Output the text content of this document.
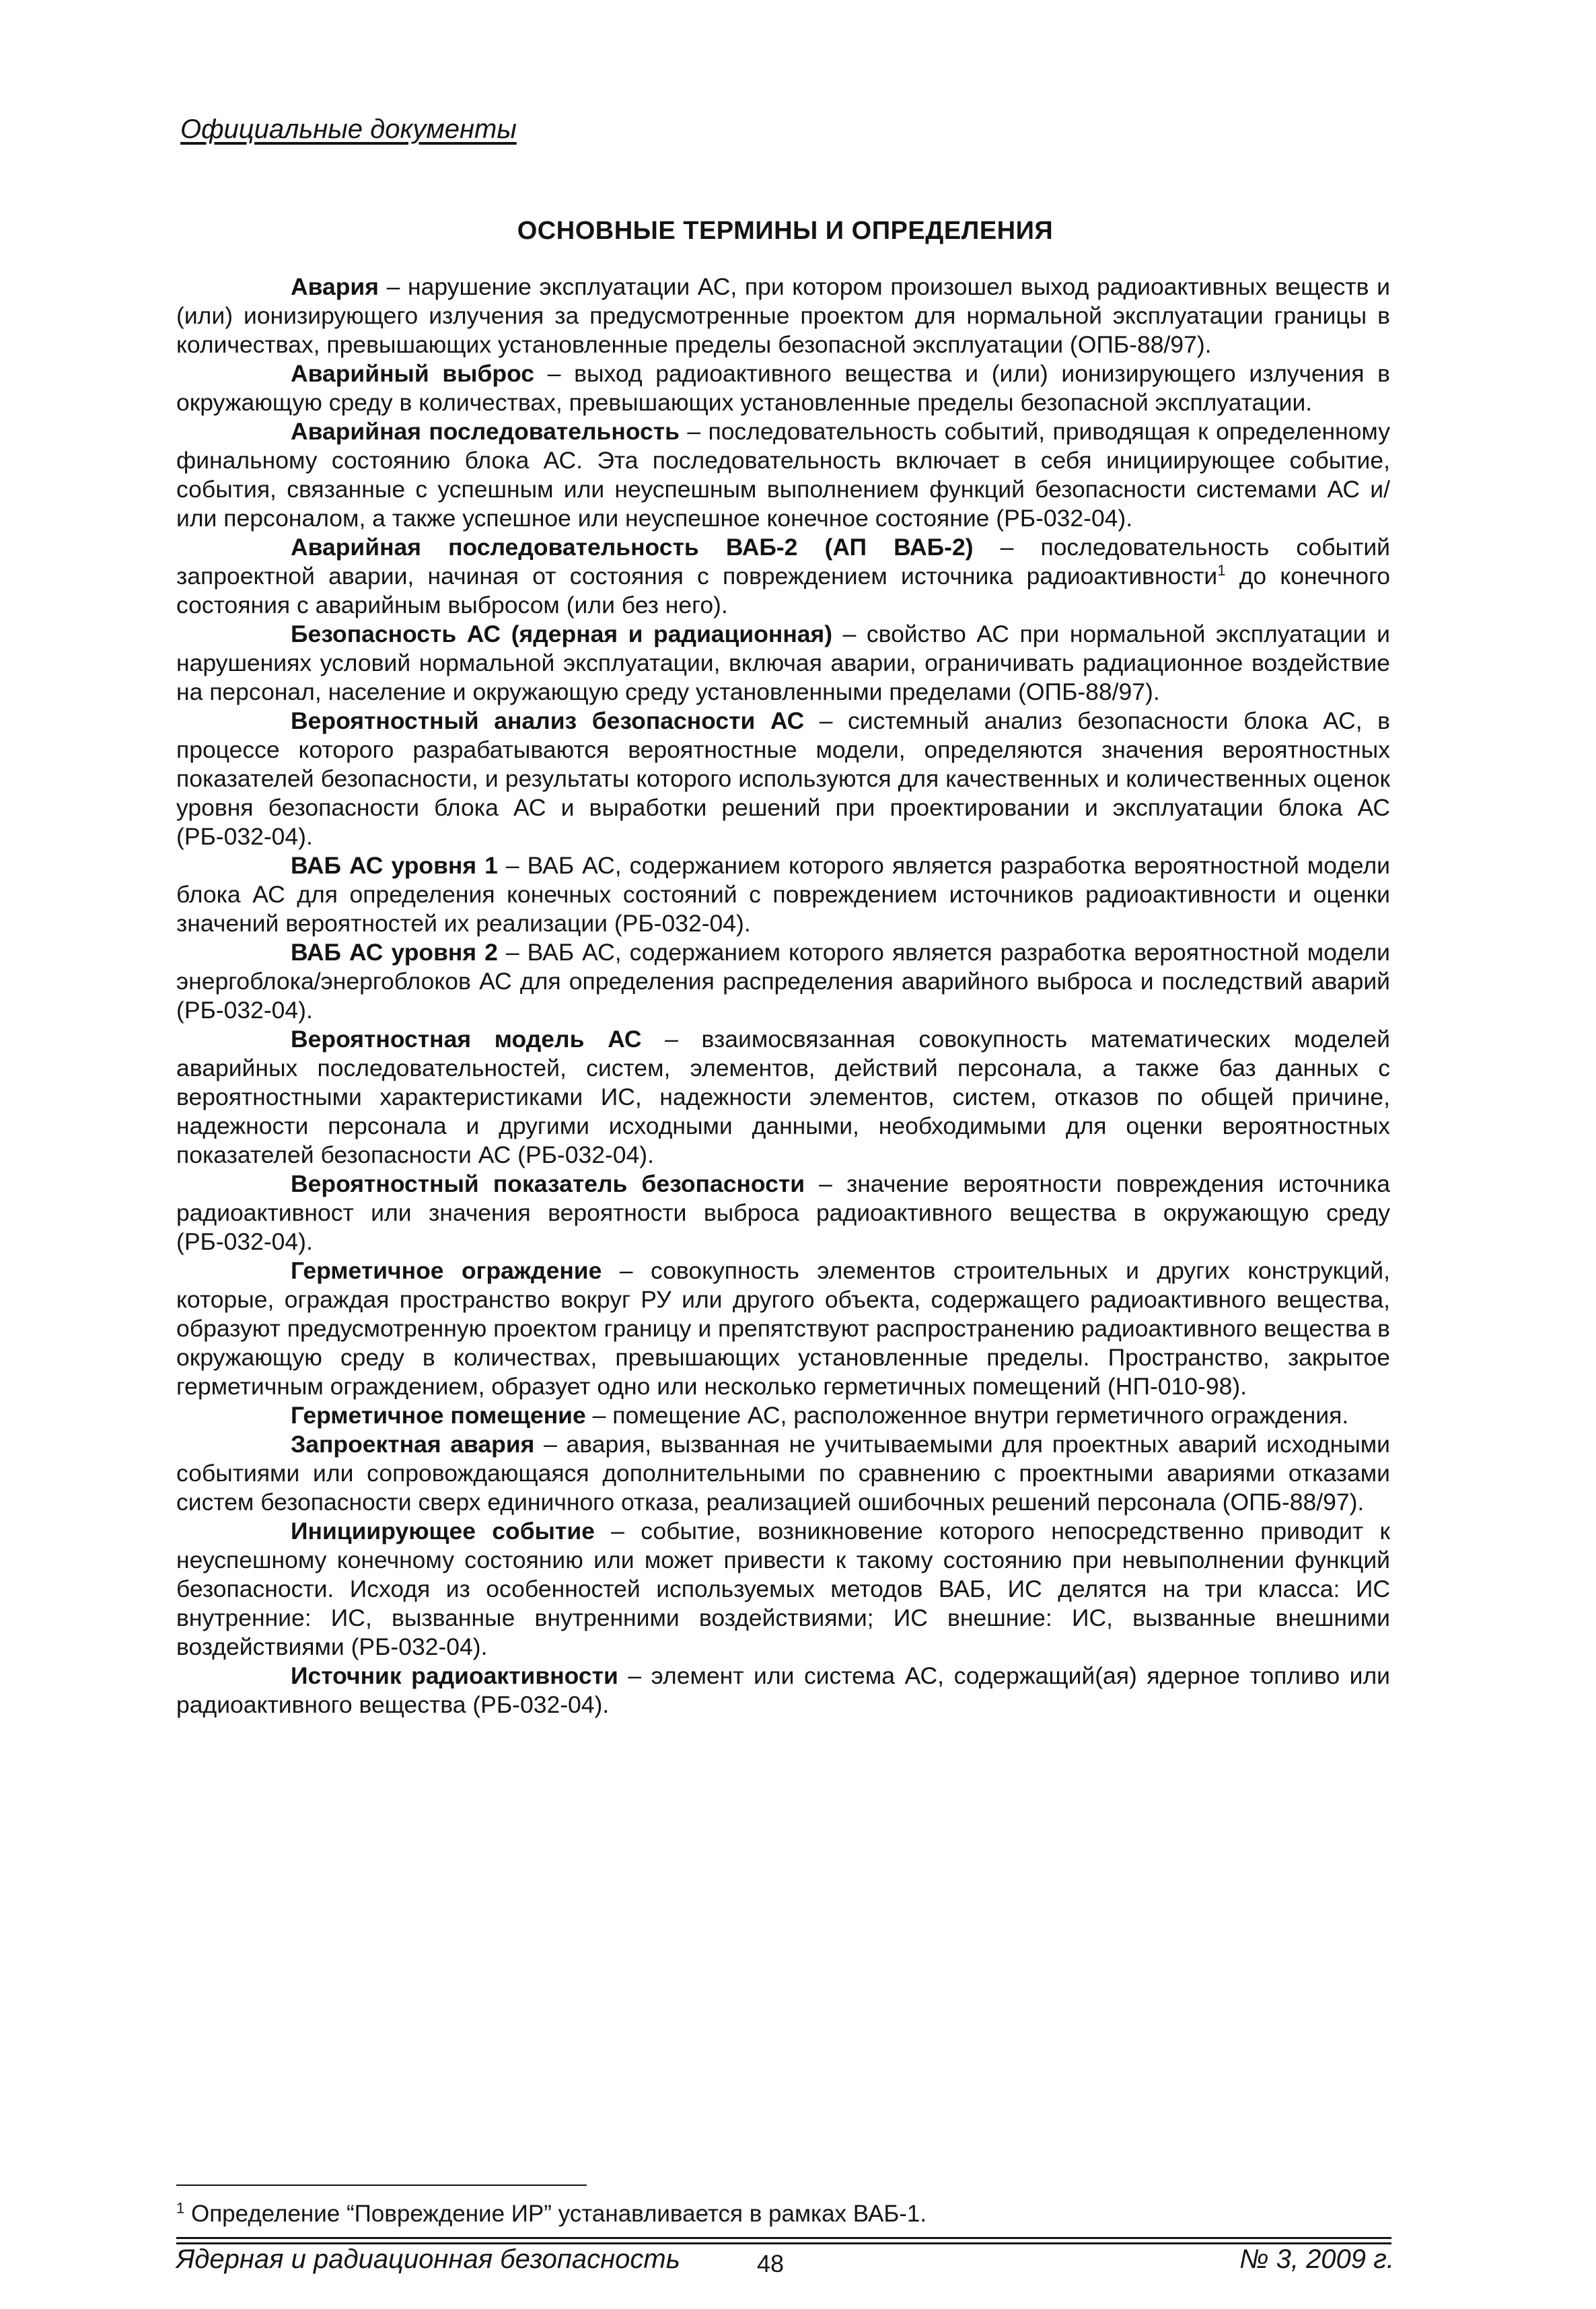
Официальные документы
ОСНОВНЫЕ ТЕРМИНЫ И ОПРЕДЕЛЕНИЯ

Авария – нарушение эксплуатации АС, при котором произошел выход радиоактивных веществ и (или) ионизирующего излучения за предусмотренные проектом для нормальной эксплуатации границы в количествах, превышающих установленные пределы безопасной эксплуатации (ОПБ-88/97).

Аварийный выброс – выход радиоактивного вещества и (или) ионизирующего излучения в окружающую среду в количествах, превышающих установленные пределы безопасной эксплуатации.

Аварийная последовательность – последовательность событий, приводящая к определенному финальному состоянию блока АС. Эта последовательность включает в себя инициирующее событие, события, связанные с успешным или неуспешным выполнением функций безопасности системами АС и/или персоналом, а также успешное или неуспешное конечное состояние (РБ-032-04).

Аварийная последовательность ВАБ-2 (АП ВАБ-2) – последовательность событий запроектной аварии, начиная от состояния с повреждением источника радиоактивности$^1$ до конечного состояния с аварийным выбросом (или без него).

Безопасность АС (ядерная и радиационная) – свойство АС при нормальной эксплуатации и нарушениях условий нормальной эксплуатации, включая аварии, ограничивать радиационное воздействие на персонал, население и окружающую среду установленными пределами (ОПБ-88/97).

Вероятностный анализ безопасности АС – системный анализ безопасности блока АС, в процессе которого разрабатываются вероятностные модели, определяются значения вероятностных показателей безопасности, и результаты которого используются для качественных и количественных оценок уровня безопасности блока АС и выработки решений при проектировании и эксплуатации блока АС (РБ-032-04).

ВАБ АС уровня 1 – ВАБ АС, содержанием которого является разработка вероятностной модели блока АС для определения конечных состояний с повреждением источников радиоактивности и оценки значений вероятностей их реализации (РБ-032-04).

ВАБ АС уровня 2 – ВАБ АС, содержанием которого является разработка вероятностной модели энергоблока/энергоблоков АС для определения распределения аварийного выброса и последствий аварий (РБ-032-04).

Вероятностная модель АС – взаимосвязанная совокупность математических моделей аварийных последовательностей, систем, элементов, действий персонала, а также баз данных с вероятностными характеристиками ИС, надежности элементов, систем, отказов по общей причине, надежности персонала и другими исходными данными, необходимыми для оценки вероятностных показателей безопасности АС (РБ-032-04).

Вероятностный показатель безопасности – значение вероятности повреждения источника радиоактивност или значения вероятности выброса радиоактивного вещества в окружающую среду (РБ-032-04).

Герметичное ограждение – совокупность элементов строительных и других конструкций, которые, ограждая пространство вокруг РУ или другого объекта, содержащего радиоактивного вещества, образуют предусмотренную проектом границу и препятствуют распространению радиоактивного вещества в окружающую среду в количествах, превышающих установленные пределы. Пространство, закрытое герметичным ограждением, образует одно или несколько герметичных помещений (НП-010-98).

Герметичное помещение – помещение АС, расположенное внутри герметичного ограждения.

Запроектная авария – авария, вызванная не учитываемыми для проектных аварий исходными событиями или сопровождающаяся дополнительными по сравнению с проектными авариями отказами систем безопасности сверх единичного отказа, реализацией ошибочных решений персонала (ОПБ-88/97).

Инициирующее событие – событие, возникновение которого непосредственно приводит к неуспешному конечному состоянию или может привести к такому состоянию при невыполнении функций безопасности. Исходя из особенностей используемых методов ВАБ, ИС делятся на три класса: ИС внутренние: ИС, вызванные внутренними воздействиями; ИС внешние: ИС, вызванные внешними воздействиями (РБ-032-04).

Источник радиоактивности – элемент или система АС, содержащий(ая) ядерное топливо или радиоактивного вещества (РБ-032-04).

$^1$ Определение “Повреждение ИР” устанавливается в рамках ВАБ-1.
Ядерная и радиационная безопасность	48	№ 3, 2009 г.
